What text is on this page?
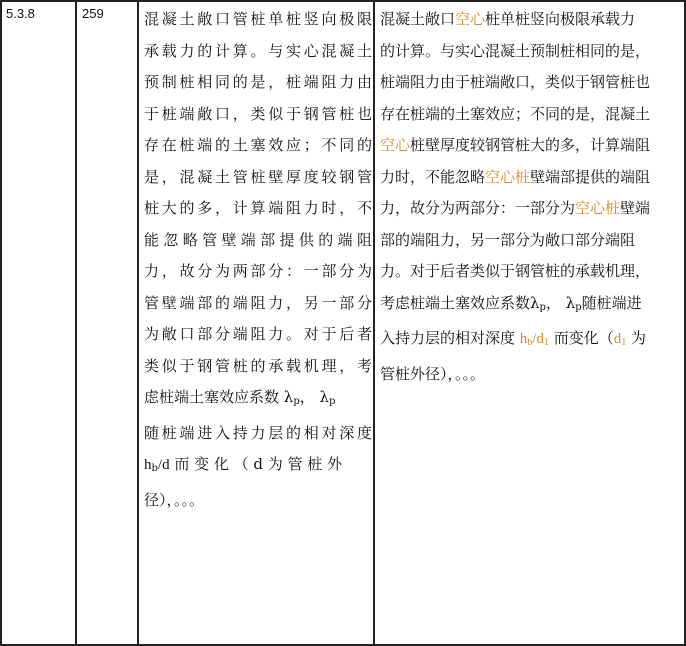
5.3.8	259	混凝土敞口管桩单桩竖向极限
承载力的计算。与实心混凝土
预制桩相同的是，桩端阻力由
于桩端敞口，类似于钢管桩也
存在桩端的土塞效应；不同的
是，混凝土管桩壁厚度较钢管
桩大的多，计算端阻力时，不
能忽略管壁端部提供的端阻
力，故分为两部分：一部分为
管壁端部的端阻力，另一部分
为敞口部分端阻力。对于后者
类似于钢管桩的承载机理，考
虑桩端土塞效应系数 $\lambda_p$， $\lambda_p$
随桩端进入持力层的相对深度
$h_b/d$ 而 变 化 （ d 为 管 桩 外
径），。。。
混凝土敞口空心桩单桩竖向极限承载力
的计算。与实心混凝土预制桩相同的是，
桩端阻力由于桩端敞口，类似于钢管桩也
存在桩端的土塞效应；不同的是，混凝土
空心桩壁厚度较钢管桩大的多，计算端阻
力时，不能忽略空心桩壁端部提供的端阻
力，故分为两部分：一部分为空心桩壁端
部的端阻力，另一部分为敞口部分端阻
力。对于后者类似于钢管桩的承载机理，
考虑桩端土塞效应系数$\lambda_p$， $\lambda_p$随桩端进
入持力层的相对深度 $h_b/d_1$ 而变化（$d_1$ 为
管桩外径），。。。
